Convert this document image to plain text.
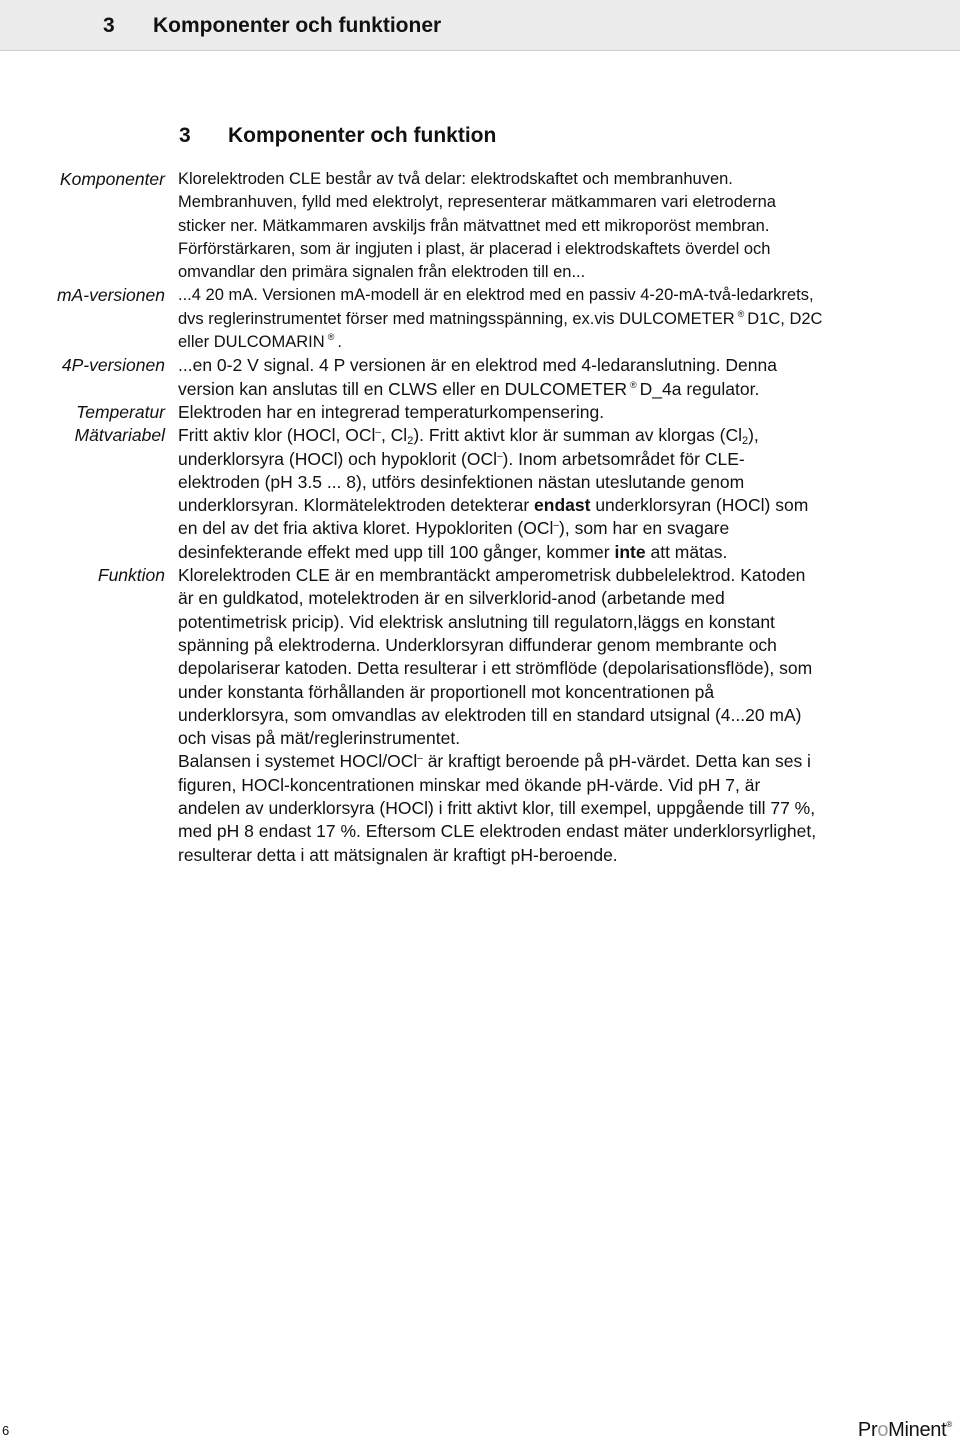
3 Komponenter och funktioner
3 Komponenter och funktion
Komponenter Klorelektroden CLE består av två delar: elektrodskaftet och membranhuven. Membranhuven, fylld med elektrolyt, representerar mätkammaren vari eletroderna sticker ner. Mätkammaren avskiljs från mätvattnet med ett mikroporöst membran.

Förförstärkaren, som är ingjuten i plast, är placerad i elektrodskaftets överdel och omvandlar den primära signalen från elektroden till en...

mA-versionen ...4 20 mA. Versionen mA-modell är en elektrod med en passiv 4-20-mA-två-ledarkrets, dvs reglerinstrumentet förser med matningsspänning, ex.vis DULCOMETER ® D1C, D2C eller DULCOMARIN ® .
4P-versionen ...en 0-2 V signal. 4 P versionen är en elektrod med 4-ledaranslutning. Denna version kan anslutas till en CLWS eller en DULCOMETER ® D_4a regulator.
Temperatur Elektroden har en integrerad temperaturkompensering.
Mätvariabel Fritt aktiv klor (HOCl, OCl–, $Cl_2$). Fritt aktivt klor är summan av klorgas $(Cl_2)$, underklorsyra (HOCl) och hypoklorit (OCl–). Inom arbetsområdet för CLE-elektroden (pH 3.5 ... 8), utförs desinfektionen nästan uteslutande genom underklorsyran. Klormätelektroden detekterar endast underklorsyran (HOCl) som en del av det fria aktiva kloret. Hypokloriten (OCl–), som har en svagare desinfekterande effekt med upp till 100 gånger, kommer inte att mätas.
Funktion Klorelektroden CLE är en membrantäckt amperometrisk dubbelelektrod. Katoden är en guldkatod, motelektroden är en silverklorid-anod (arbetande med potentimetrisk pricip). Vid elektrisk anslutning till regulatorn,läggs en konstant spänning på elektroderna. Underklorsyran diffunderar genom membrante och depolariserar katoden. Detta resulterar i ett strömflöde (depolarisationsflöde), som under konstanta förhållanden är proportionell mot koncentrationen på underklorsyra, som omvandlas av elektroden till en standard utsignal (4...20 mA) och visas på mät/reglerinstrumentet.

Balansen i systemet HOCl/OCl– är kraftigt beroende på pH-värdet. Detta kan ses i figuren, HOCl-koncentrationen minskar med ökande pH-värde. Vid pH 7, är andelen av underklorsyra (HOCl) i fritt aktivt klor, till exempel, uppgående till 77 %, med pH 8 endast 17 %. Eftersom CLE elektroden endast mäter underklorsyrlighet, resulterar detta i att mätsignalen är kraftigt pH-beroende.

6	ProMinent®
